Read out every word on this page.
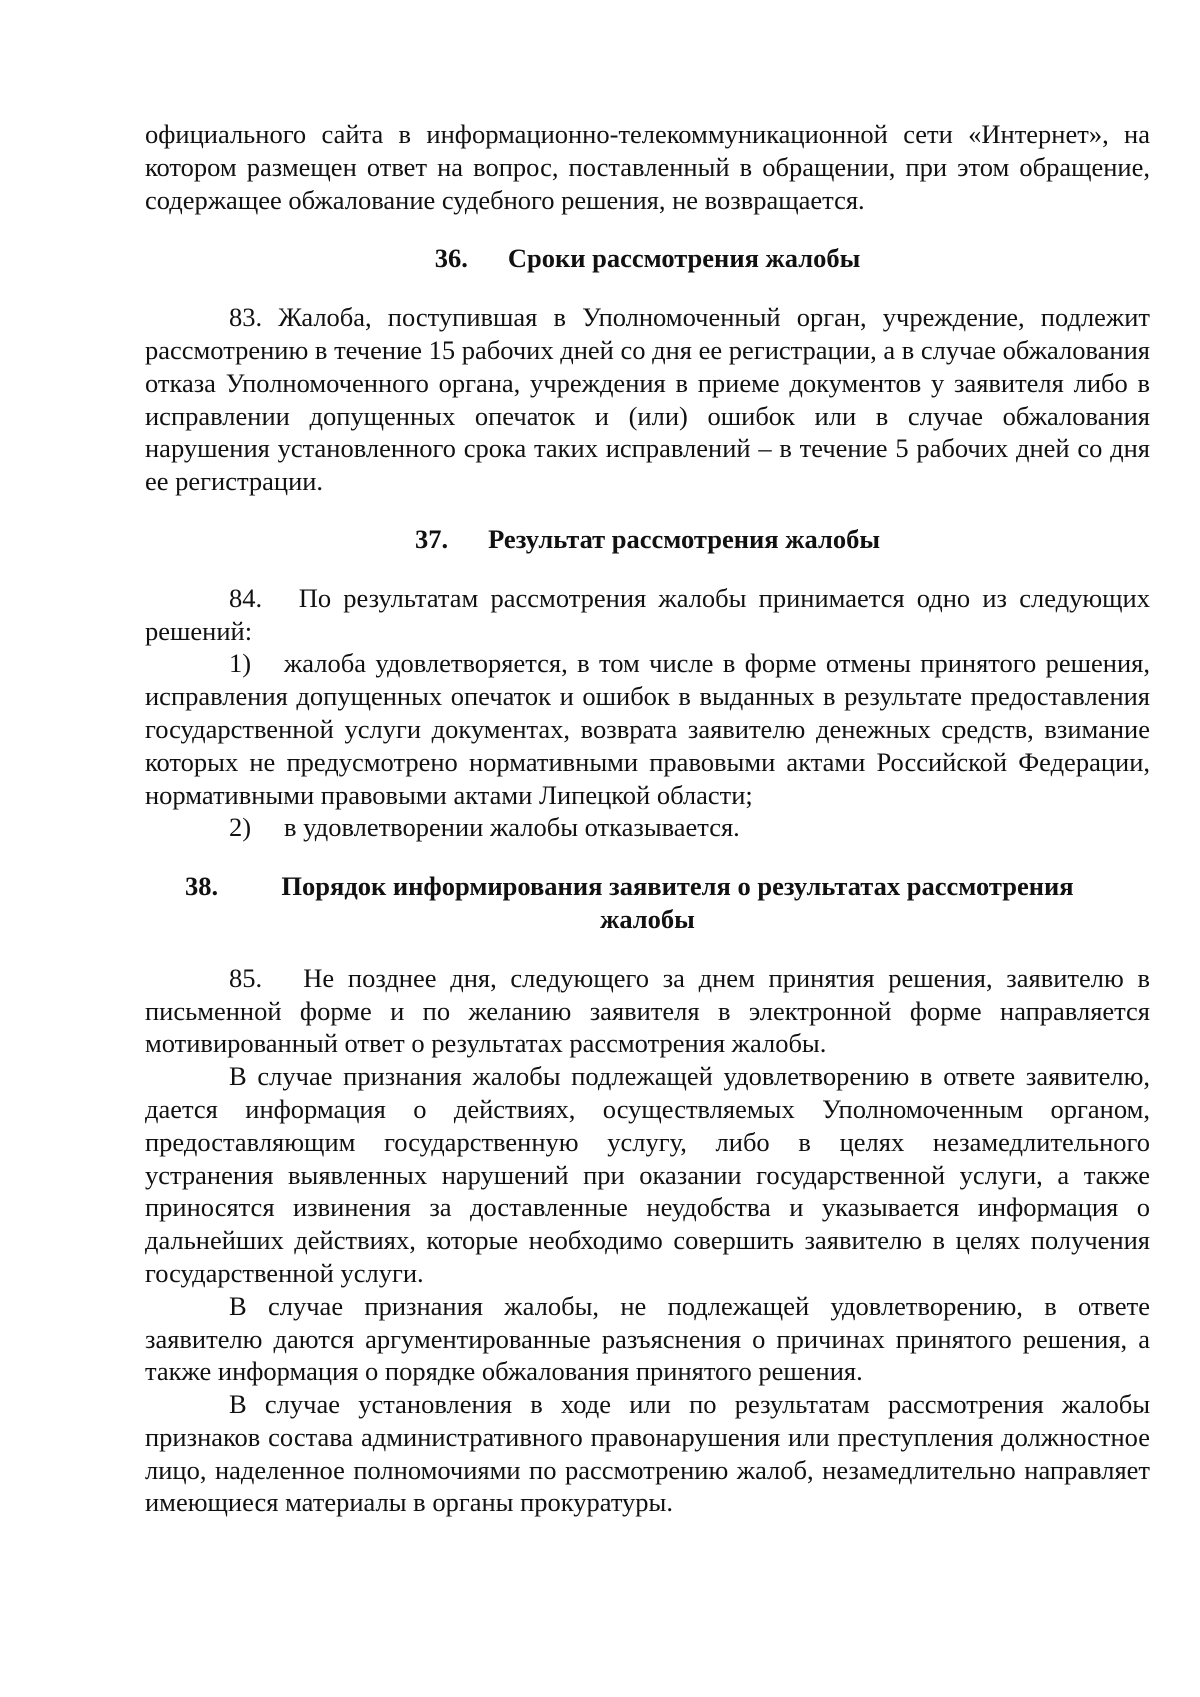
официального сайта в информационно-телекоммуникационной сети «Интернет», на котором размещен ответ на вопрос, поставленный в обращении, при этом обращение, содержащее обжалование судебного решения, не возвращается.

36. Сроки рассмотрения жалобы

83. Жалоба, поступившая в Уполномоченный орган, учреждение, подлежит рассмотрению в течение 15 рабочих дней со дня ее регистрации, а в случае обжалования отказа Уполномоченного органа, учреждения в приеме документов у заявителя либо в исправлении допущенных опечаток и (или) ошибок или в случае обжалования нарушения установленного срока таких исправлений – в течение 5 рабочих дней со дня ее регистрации.

37. Результат рассмотрения жалобы

84. По результатам рассмотрения жалобы принимается одно из следующих решений:

1) жалоба удовлетворяется, в том числе в форме отмены принятого решения, исправления допущенных опечаток и ошибок в выданных в результате предоставления государственной услуги документах, возврата заявителю денежных средств, взимание которых не предусмотрено нормативными правовыми актами Российской Федерации, нормативными правовыми актами Липецкой области;

2) в удовлетворении жалобы отказывается.

38.	Порядок информирования заявителя о результатах рассмотрения
жалобы

85. Не позднее дня, следующего за днем принятия решения, заявителю в письменной форме и по желанию заявителя в электронной форме направляется мотивированный ответ о результатах рассмотрения жалобы.

В случае признания жалобы подлежащей удовлетворению в ответе заявителю, дается информация о действиях, осуществляемых Уполномоченным органом, предоставляющим государственную услугу, либо в целях незамедлительного устранения выявленных нарушений при оказании государственной услуги, а также приносятся извинения за доставленные неудобства и указывается информация о дальнейших действиях, которые необходимо совершить заявителю в целях получения государственной услуги.

В случае признания жалобы, не подлежащей удовлетворению, в ответе заявителю даются аргументированные разъяснения о причинах принятого решения, а также информация о порядке обжалования принятого решения.

В случае установления в ходе или по результатам рассмотрения жалобы признаков состава административного правонарушения или преступления должностное лицо, наделенное полномочиями по рассмотрению жалоб, незамедлительно направляет имеющиеся материалы в органы прокуратуры.
